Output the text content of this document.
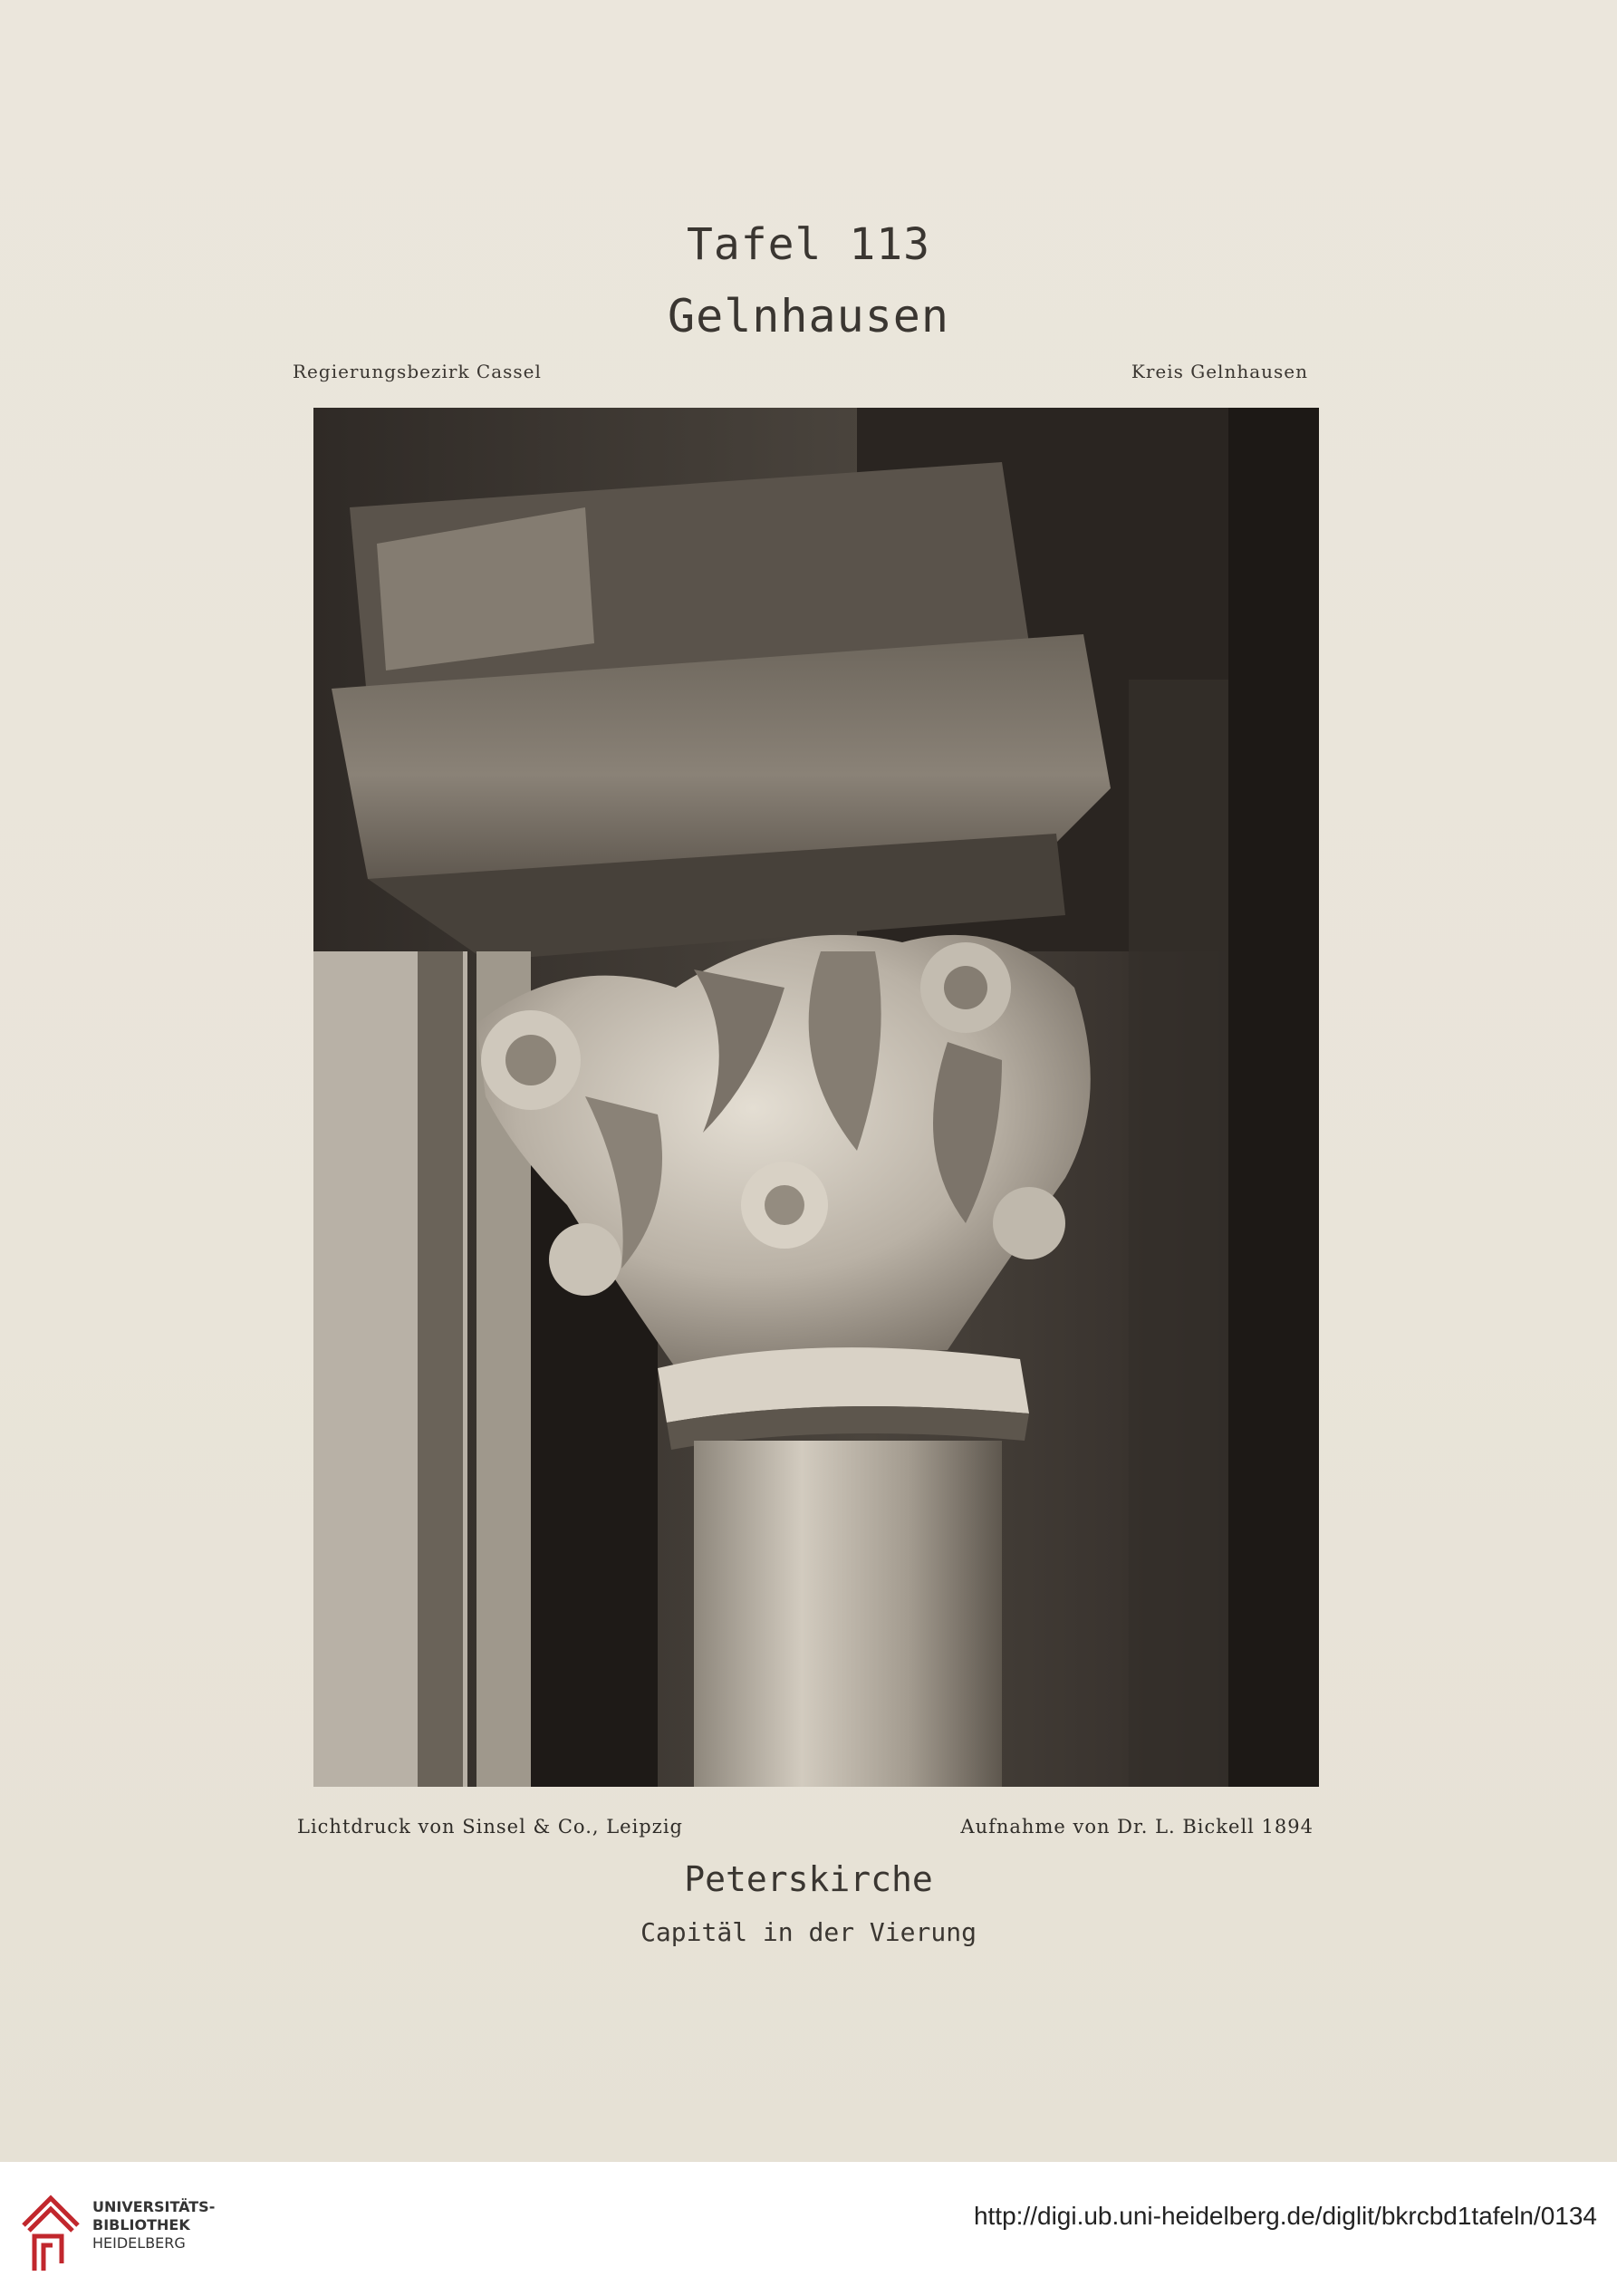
Tafel 113
Gelnhausen
Regierungsbezirk Cassel	Kreis Gelnhausen
Lichtdruck von Sinsel & Co., Leipzig	Aufnahme von Dr. L. Bickell 1894
Peterskirche
Capitäl in der Vierung
UNIVERSITÄTS-
BIBLIOTHEK
HEIDELBERG
http://digi.ub.uni-heidelberg.de/diglit/bkrcbd1tafeln/0134
